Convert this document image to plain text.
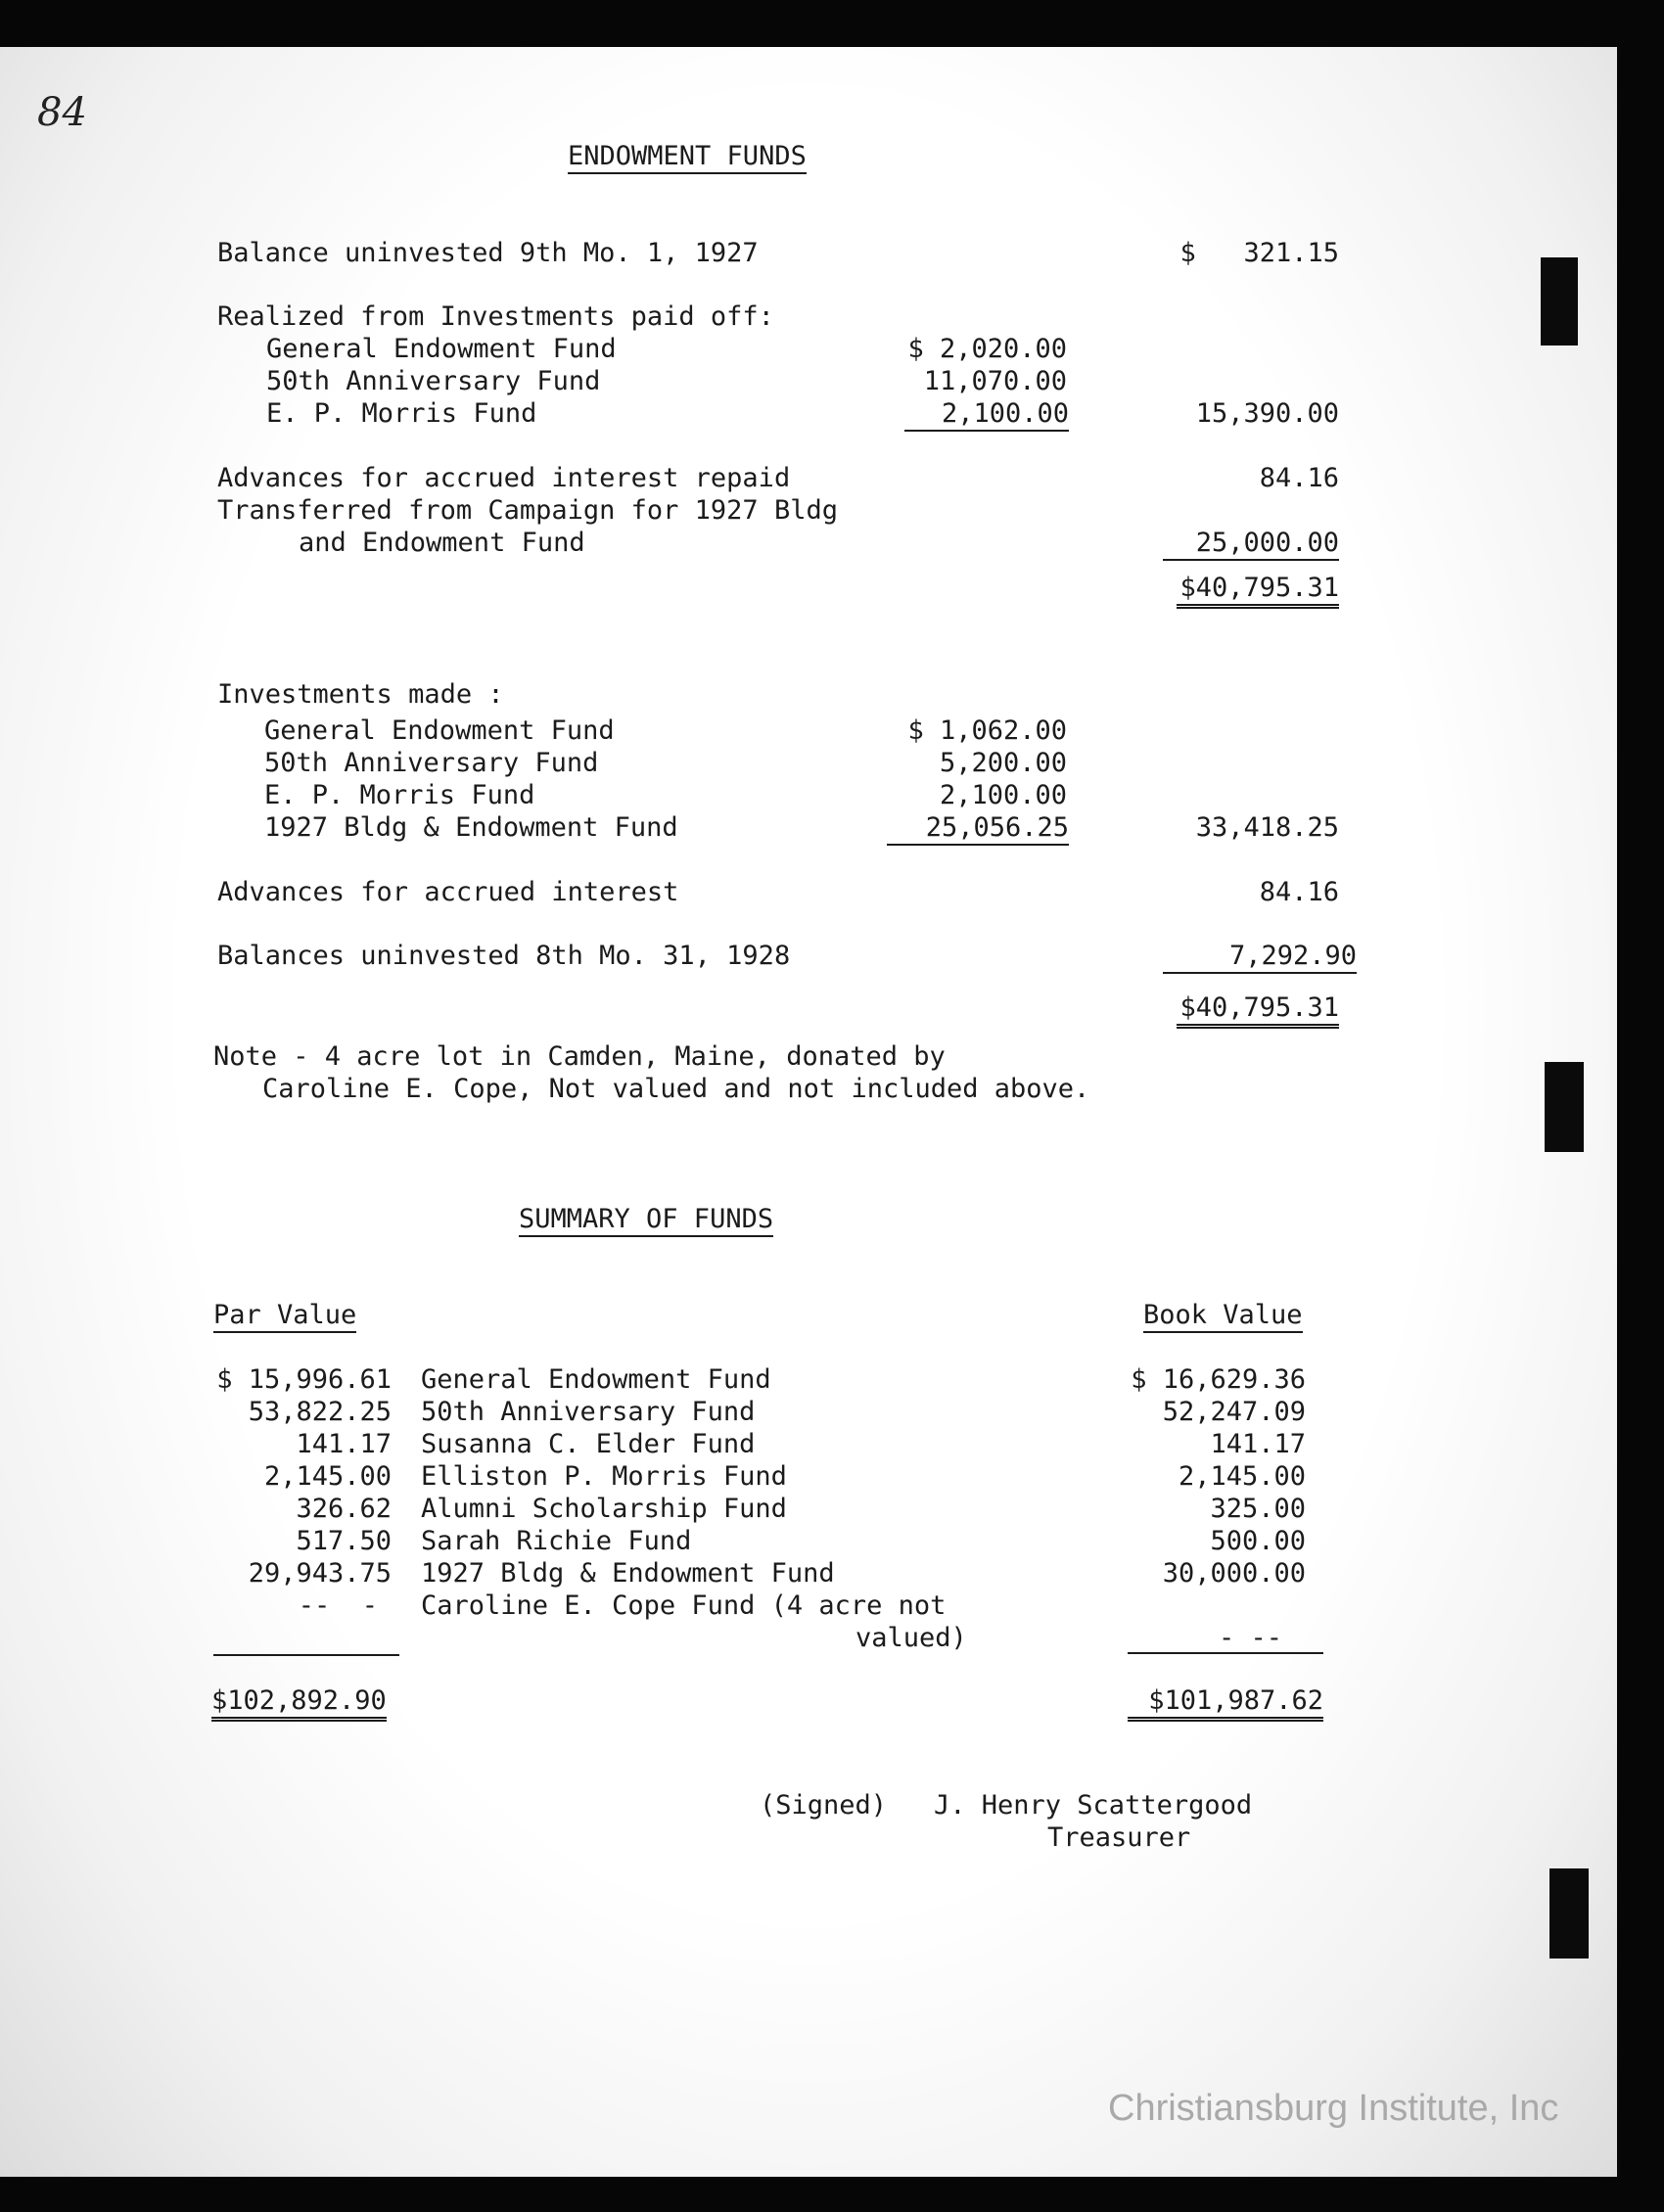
84
ENDOWMENT FUNDS
Balance uninvested 9th Mo. 1, 1927	$   321.15
Realized from Investments paid off:
General Endowment Fund	$ 2,020.00
50th Anniversary Fund	11,070.00
E. P. Morris Fund	2,100.00	15,390.00
Advances for accrued interest repaid	84.16
Transferred from Campaign for 1927 Bldg
and Endowment Fund	25,000.00
$40,795.31
Investments made :
General Endowment Fund	$ 1,062.00
50th Anniversary Fund	5,200.00
E. P. Morris Fund	2,100.00
1927 Bldg & Endowment Fund	25,056.25	33,418.25
Advances for accrued interest	84.16
Balances uninvested 8th Mo. 31, 1928	7,292.90
$40,795.31
Note - 4 acre lot in Camden, Maine, donated by
Caroline E. Cope, Not valued and not included above.
SUMMARY OF FUNDS
Par Value	Book Value
$ 15,996.61 General Endowment Fund	$ 16,629.36
53,822.25 50th Anniversary Fund	52,247.09
141.17 Susanna C. Elder Fund	141.17
2,145.00 Elliston P. Morris Fund	2,145.00
326.62 Alumni Scholarship Fund	325.00
517.50 Sarah Richie Fund	500.00
29,943.75 1927 Bldg & Endowment Fund	30,000.00
--  - Caroline E. Cope Fund (4 acre not
valued)	- --
$102,892.90	$101,987.62
(Signed) J. Henry Scattergood
Treasurer
Christiansburg Institute, Inc
